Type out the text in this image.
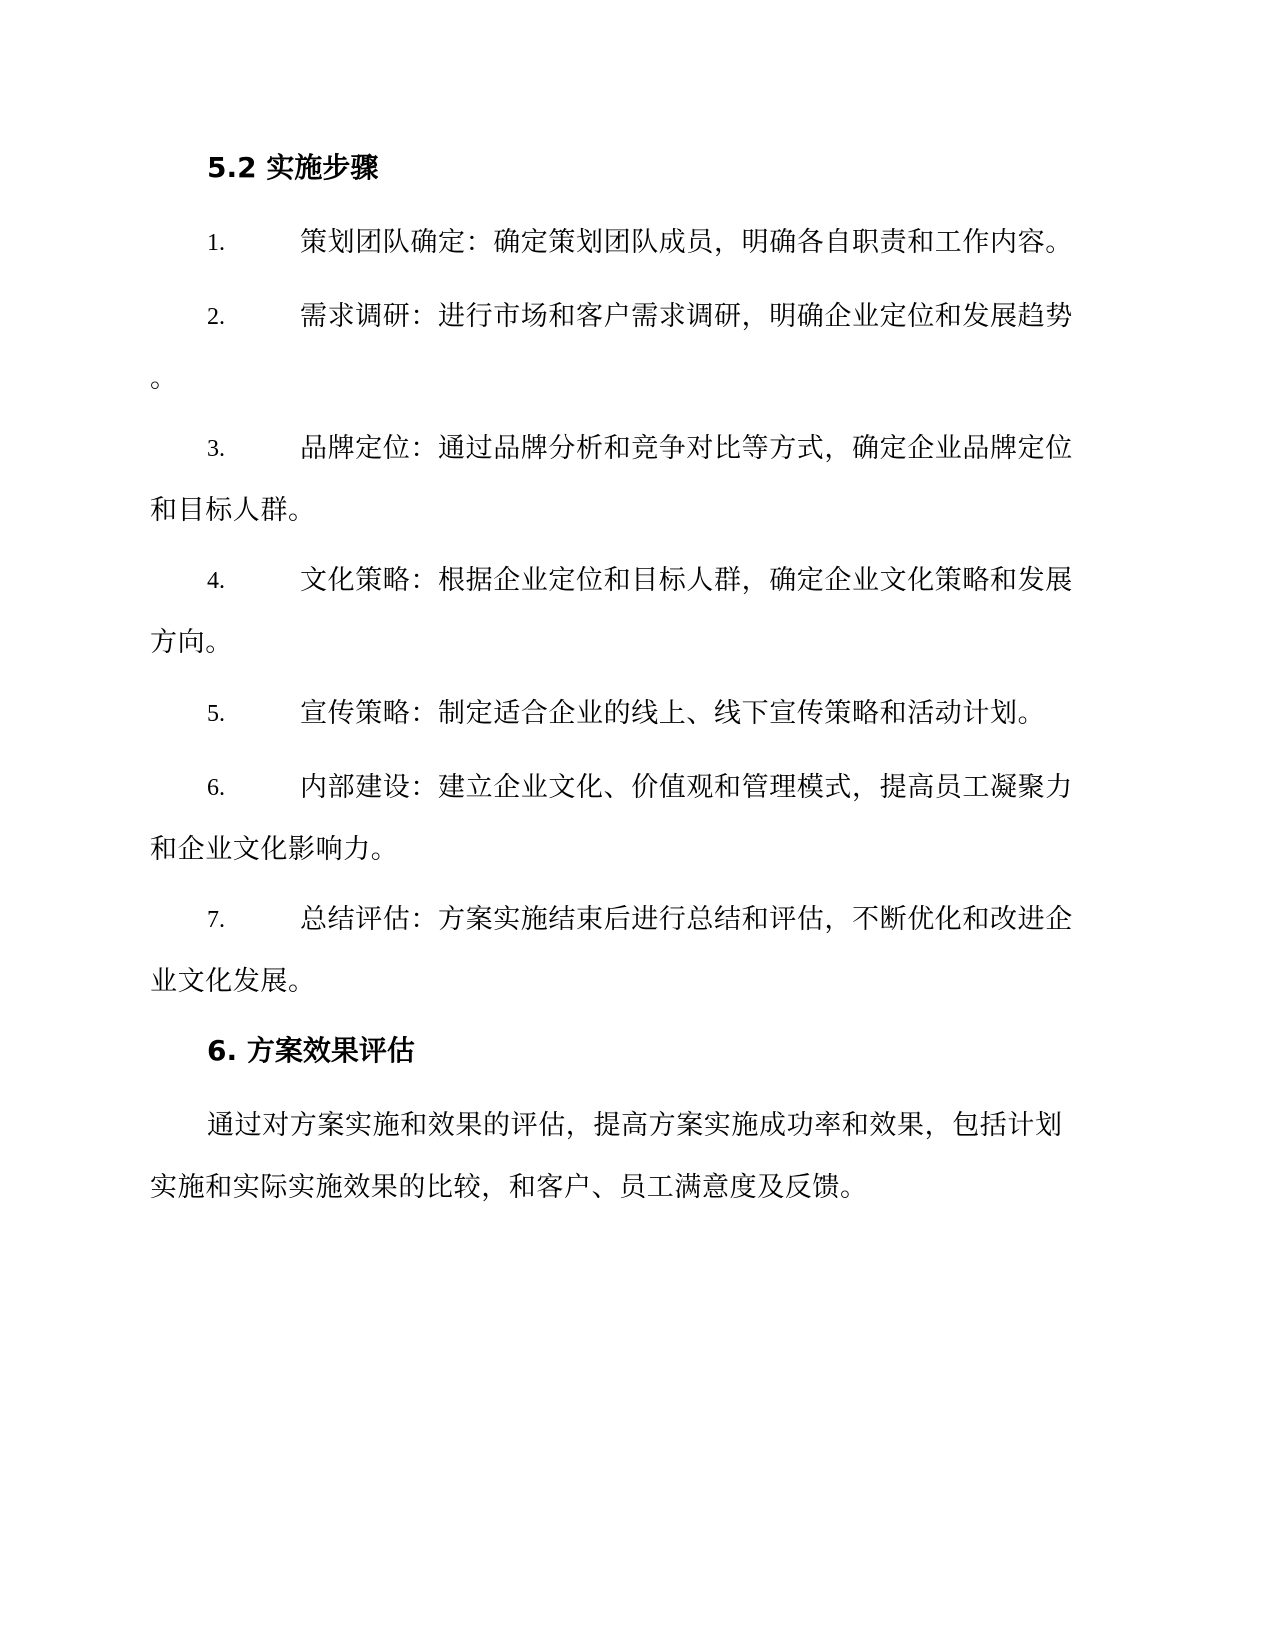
5.2 实施步骤
1.	策划团队确定：确定策划团队成员，明确各自职责和工作内容。
2.	需求调研：进行市场和客户需求调研，明确企业定位和发展趋势
。
3.	品牌定位：通过品牌分析和竞争对比等方式，确定企业品牌定位
和目标人群。
4.	文化策略：根据企业定位和目标人群，确定企业文化策略和发展
方向。
5.	宣传策略：制定适合企业的线上、线下宣传策略和活动计划。
6.	内部建设：建立企业文化、价值观和管理模式，提高员工凝聚力
和企业文化影响力。
7.	总结评估：方案实施结束后进行总结和评估，不断优化和改进企
业文化发展。
6. 方案效果评估
通过对方案实施和效果的评估，提高方案实施成功率和效果，包括计划
实施和实际实施效果的比较，和客户、员工满意度及反馈。
